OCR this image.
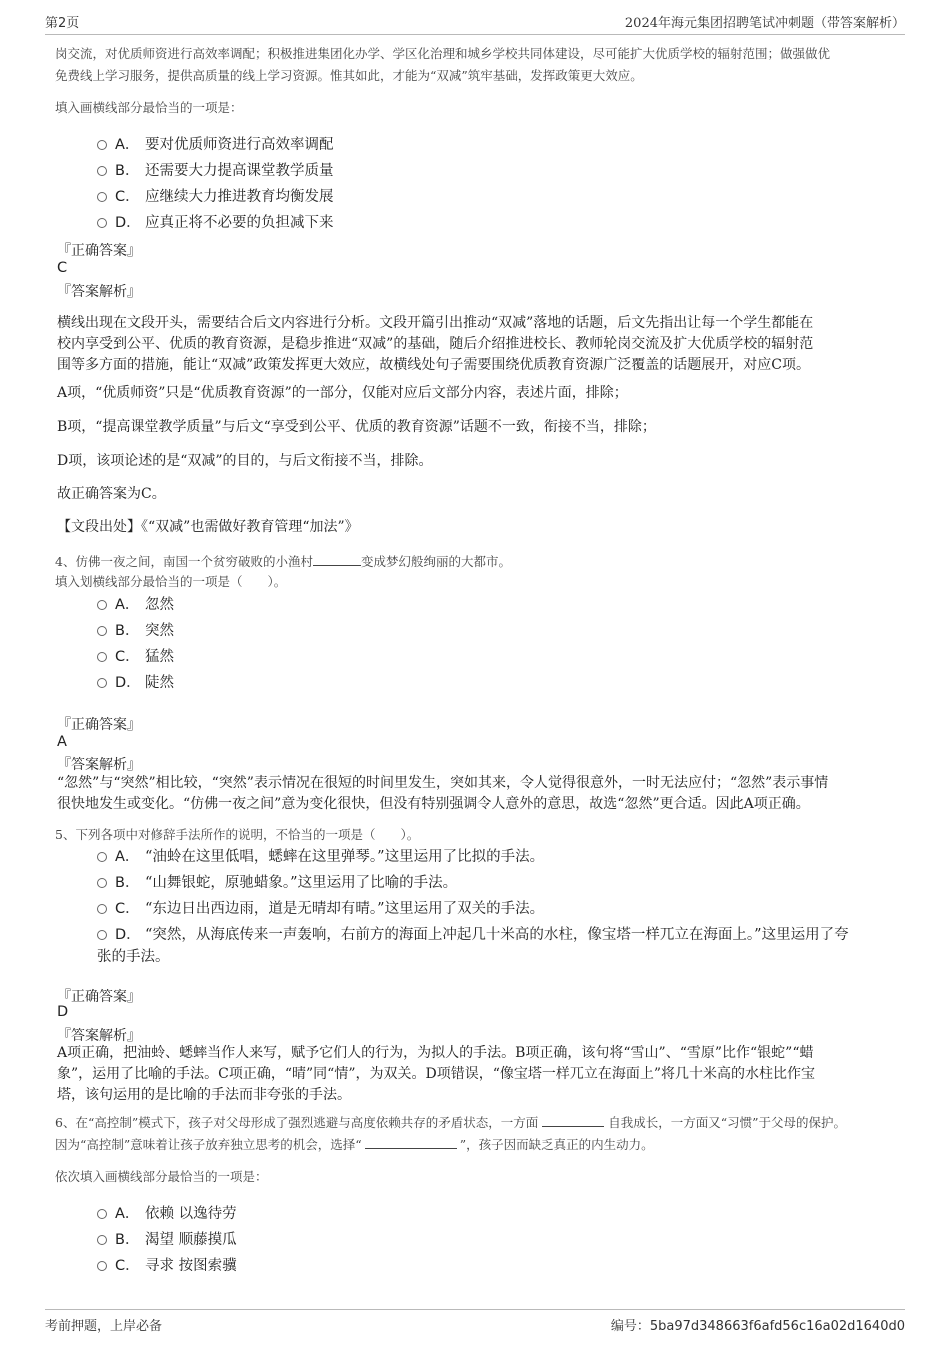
第2页	2024年海元集团招聘笔试冲刺题（带答案解析）
岗交流，对优质师资进行高效率调配；积极推进集团化办学、学区化治理和城乡学校共同体建设，尽可能扩大优质学校的辐射范围；做强做优
免费线上学习服务，提供高质量的线上学习资源。惟其如此，才能为“双减”筑牢基础，发挥政策更大效应。
填入画横线部分最恰当的一项是：
A． 要对优质师资进行高效率调配
B． 还需要大力提高课堂教学质量
C． 应继续大力推进教育均衡发展
D． 应真正将不必要的负担减下来
『正确答案』
C
『答案解析』
横线出现在文段开头，需要结合后文内容进行分析。文段开篇引出推动“双减”落地的话题，后文先指出让每一个学生都能在
校内享受到公平、优质的教育资源，是稳步推进“双减”的基础，随后介绍推进校长、教师轮岗交流及扩大优质学校的辐射范
围等多方面的措施，能让“双减”政策发挥更大效应，故横线处句子需要围绕优质教育资源广泛覆盖的话题展开，对应C项。
A项，“优质师资”只是“优质教育资源”的一部分，仅能对应后文部分内容，表述片面，排除；
B项，“提高课堂教学质量”与后文“享受到公平、优质的教育资源”话题不一致，衔接不当，排除；
D项，该项论述的是“双减”的目的，与后文衔接不当，排除。
故正确答案为C。
【文段出处】《“双减”也需做好教育管理“加法”》
4、仿佛一夜之间，南国一个贫穷破败的小渔村	变成梦幻般绚丽的大都市。
填入划横线部分最恰当的一项是（　　）。
A． 忽然
B． 突然
C． 猛然
D． 陡然
『正确答案』
A
『答案解析』
“忽然”与“突然”相比较，“突然”表示情况在很短的时间里发生，突如其来，令人觉得很意外，一时无法应付；“忽然”表示事情
很快地发生或变化。“仿佛一夜之间”意为变化很快，但没有特别强调令人意外的意思，故选“忽然”更合适。因此A项正确。
5、下列各项中对修辞手法所作的说明，不恰当的一项是（　　）。
A． “油蛉在这里低唱，蟋蟀在这里弹琴。”这里运用了比拟的手法。
B． “山舞银蛇，原驰蜡象。”这里运用了比喻的手法。
C． “东边日出西边雨，道是无晴却有晴。”这里运用了双关的手法。
D． “突然，从海底传来一声轰响，右前方的海面上冲起几十米高的水柱，像宝塔一样兀立在海面上。”这里运用了夸
张的手法。
『正确答案』
D
『答案解析』
A项正确，把油蛉、蟋蟀当作人来写，赋予它们人的行为，为拟人的手法。B项正确，该句将“雪山”、“雪原”比作“银蛇”“蜡
象”，运用了比喻的手法。C项正确，“晴”同“情”，为双关。D项错误，“像宝塔一样兀立在海面上”将几十米高的水柱比作宝
塔，该句运用的是比喻的手法而非夸张的手法。
6、在“高控制”模式下，孩子对父母形成了强烈逃避与高度依赖共存的矛盾状态，一方面	自我成长，一方面又“习惯”于父母的保护。
因为“高控制”意味着让孩子放弃独立思考的机会，选择“	”，孩子因而缺乏真正的内生动力。
依次填入画横线部分最恰当的一项是：
A． 依赖 以逸待劳
B． 渴望 顺藤摸瓜
C． 寻求 按图索骥
考前押题，上岸必备	编号：5ba97d348663f6afd56c16a02d1640d0
